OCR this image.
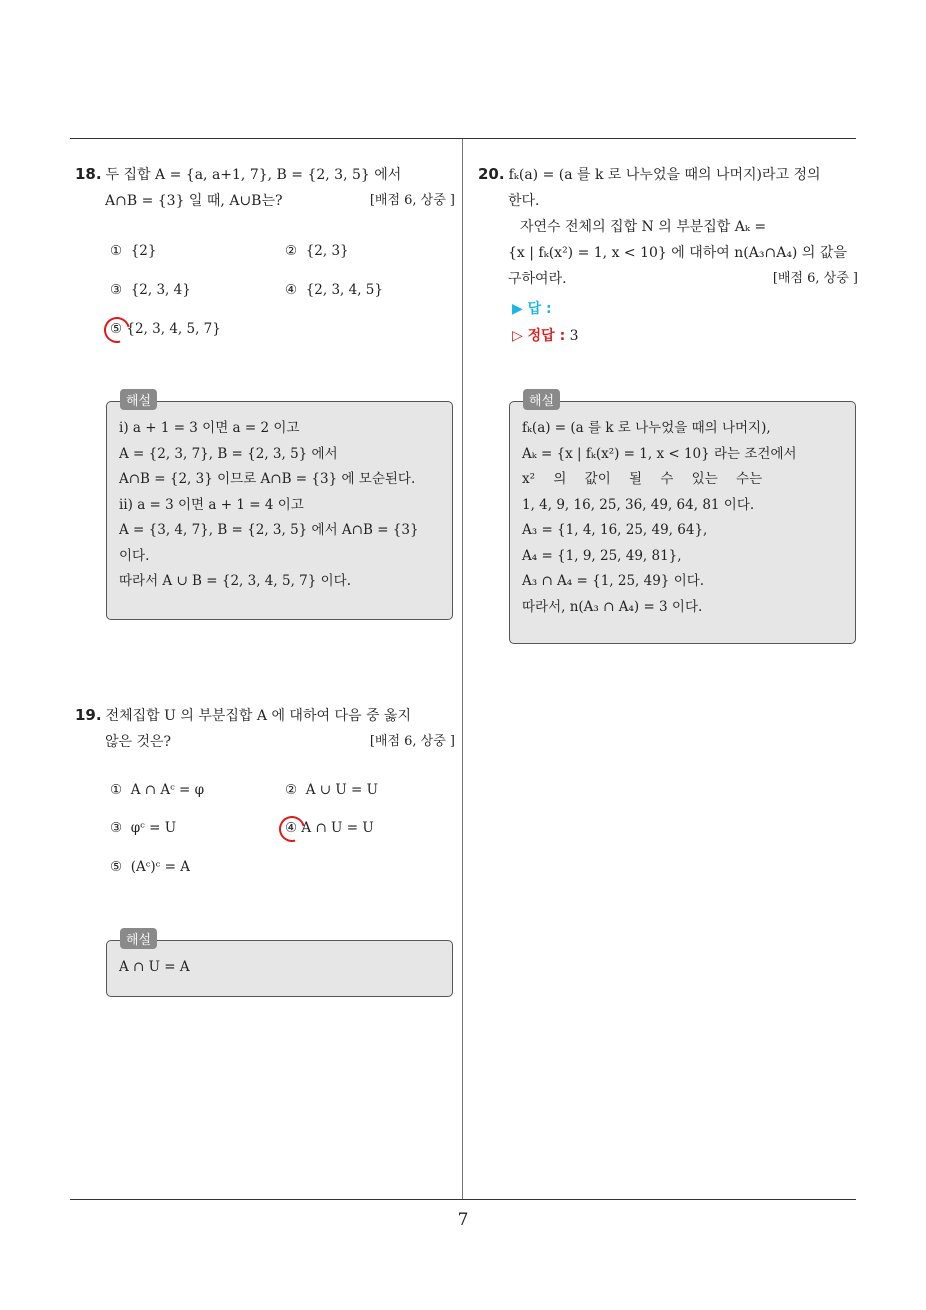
7
18. 두 집합 A = {a, a+1, 7}, B = {2, 3, 5} 에서
A∩B = {3} 일 때, A∪B는?	[배점 6, 상중 ]
① {2}	② {2, 3}
③ {2, 3, 4}	④ {2, 3, 4, 5}
⑤ {2, 3, 4, 5, 7}
ⅰ) a + 1 = 3 이면 a = 2 이고
A = {2, 3, 7}, B = {2, 3, 5} 에서
A∩B = {2, 3} 이므로 A∩B = {3} 에 모순된다.
ⅱ) a = 3 이면 a + 1 = 4 이고
A = {3, 4, 7}, B = {2, 3, 5} 에서 A∩B = {3}
이다.
따라서 A ∪ B = {2, 3, 4, 5, 7} 이다.
해설
19. 전체집합 U 의 부분집합 A 에 대하여 다음 중 옳지
않은 것은?	[배점 6, 상중 ]
① A ∩ Aᶜ = φ	② A ∪ U = U
③ φᶜ = U	④ A ∩ U = U
⑤ (Aᶜ)ᶜ = A
A ∩ U = A
해설
20. fₖ(a) = (a 를 k 로 나누었을 때의 나머지)라고 정의
한다.
자연수 전체의 집합 N 의 부분집합 Aₖ =
{x | fₖ(x²) = 1, x < 10} 에 대하여 n(A₃∩A₄) 의 값을
구하여라.	[배점 6, 상중 ]
▶ 답 :
▷ 정답 : 3
fₖ(a) = (a 를 k 로 나누었을 때의 나머지),
Aₖ = {x | fₖ(x²) = 1, x < 10} 라는 조건에서
x² 의 값이 될 수 있는 수는
1, 4, 9, 16, 25, 36, 49, 64, 81 이다.
A₃ = {1, 4, 16, 25, 49, 64},
A₄ = {1, 9, 25, 49, 81},
A₃ ∩ A₄ = {1, 25, 49} 이다.
따라서, n(A₃ ∩ A₄) = 3 이다.
해설
